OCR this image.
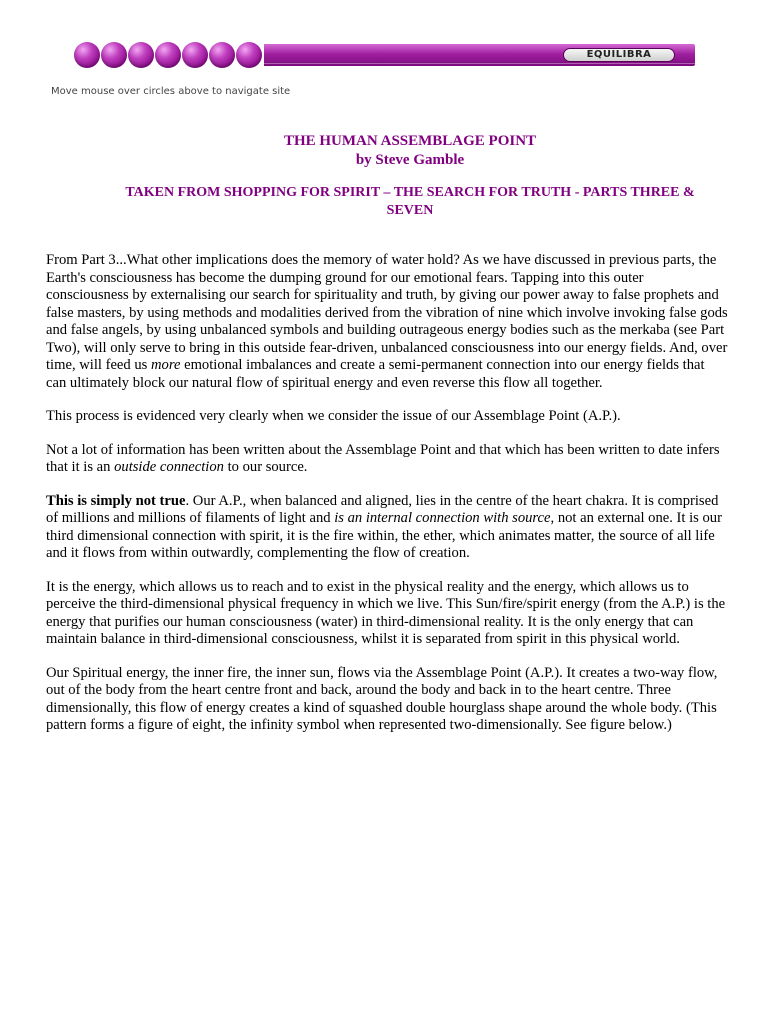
EQUILIBRA
Move mouse over circles above to navigate site
THE HUMAN ASSEMBLAGE POINT
by Steve Gamble
TAKEN FROM SHOPPING FOR SPIRIT – THE SEARCH FOR TRUTH - PARTS THREE &
SEVEN

From Part 3...What other implications does the memory of water hold? As we have discussed in previous parts, the Earth's consciousness has become the dumping ground for our emotional fears. Tapping into this outer consciousness by externalising our search for spirituality and truth, by giving our power away to false prophets and false masters, by using methods and modalities derived from the vibration of nine which involve invoking false gods and false angels, by using unbalanced symbols and building outrageous energy bodies such as the merkaba (see Part Two), will only serve to bring in this outside fear-driven, unbalanced consciousness into our energy fields. And, over time, will feed us more emotional imbalances and create a semi-permanent connection into our energy fields that can ultimately block our natural flow of spiritual energy and even reverse this flow all together.

This process is evidenced very clearly when we consider the issue of our Assemblage Point (A.P.).

Not a lot of information has been written about the Assemblage Point and that which has been written to date infers that it is an outside connection to our source.

This is simply not true. Our A.P., when balanced and aligned, lies in the centre of the heart chakra. It is comprised of millions and millions of filaments of light and is an internal connection with source, not an external one. It is our third dimensional connection with spirit, it is the fire within, the ether, which animates matter, the source of all life and it flows from within outwardly, complementing the flow of creation.

It is the energy, which allows us to reach and to exist in the physical reality and the energy, which allows us to perceive the third-dimensional physical frequency in which we live. This Sun/fire/spirit energy (from the A.P.) is the energy that purifies our human consciousness (water) in third-dimensional reality. It is the only energy that can maintain balance in third-dimensional consciousness, whilst it is separated from spirit in this physical world.

Our Spiritual energy, the inner fire, the inner sun, flows via the Assemblage Point (A.P.). It creates a two-way flow, out of the body from the heart centre front and back, around the body and back in to the heart centre. Three dimensionally, this flow of energy creates a kind of squashed double hourglass shape around the whole body. (This pattern forms a figure of eight, the infinity symbol when represented two-dimensionally. See figure below.)
